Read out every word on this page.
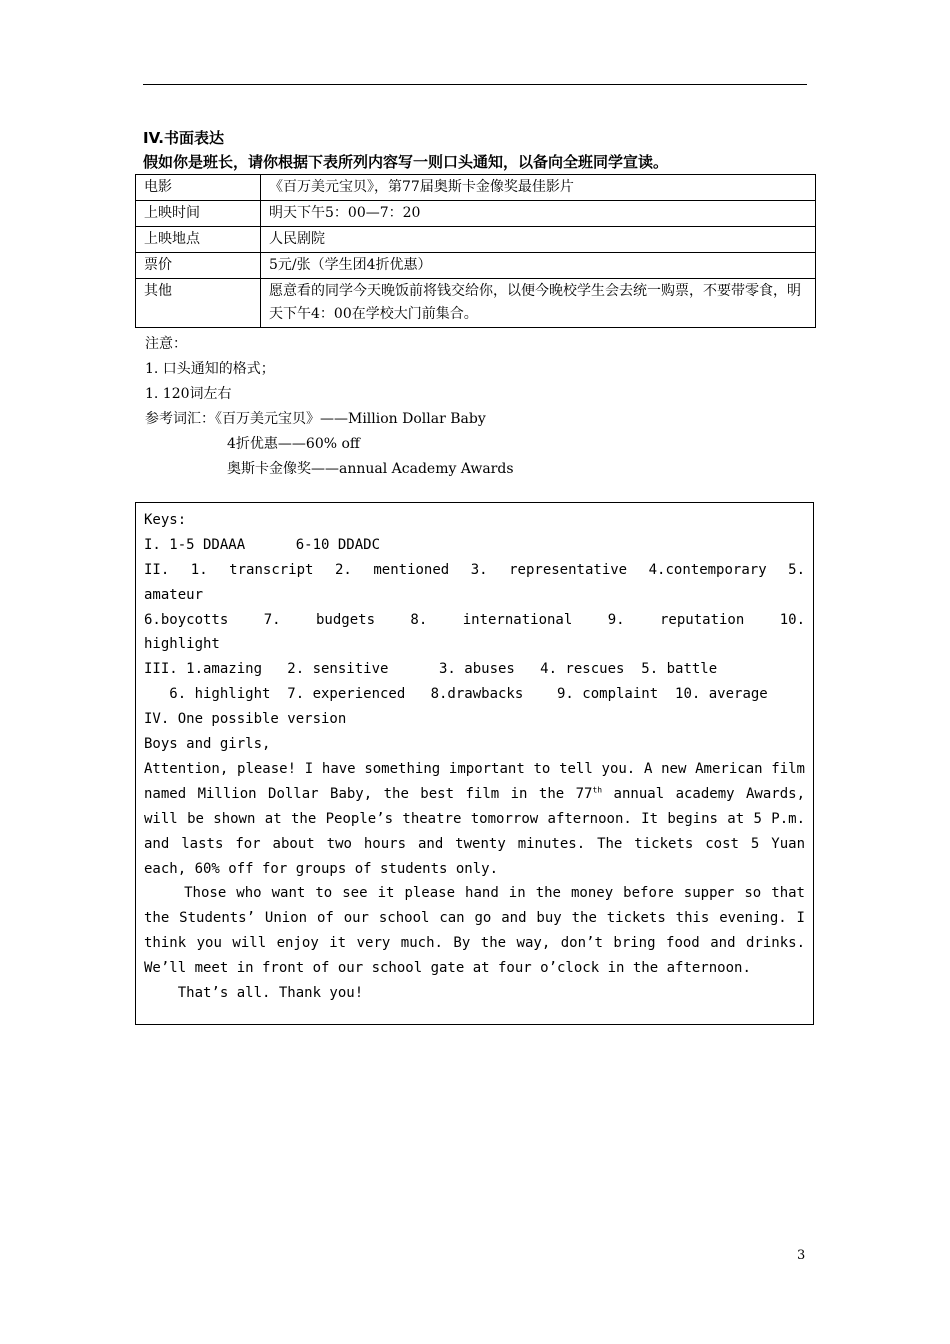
IV.书面表达
假如你是班长，请你根据下表所列内容写一则口头通知，以备向全班同学宣读。
电影	《百万美元宝贝》，第77届奥斯卡金像奖最佳影片
上映时间	明天下午5：00—7：20
上映地点	人民剧院
票价	5元/张（学生团4折优惠）
其他	愿意看的同学今天晚饭前将钱交给你，以便今晚校学生会去统一购票，不要带零食，明天下午4：00在学校大门前集合。
注意：
1. 口头通知的格式；
1. 120词左右
参考词汇：《百万美元宝贝》——Million Dollar Baby
4折优惠——60% off
奥斯卡金像奖——annual Academy Awards
Keys:
I. 1-5 DDAAA      6-10 DDADC
II. 1. transcript 2. mentioned 3. representative 4.contemporary 5.
amateur
6.boycotts 7. budgets 8. international 9. reputation 10.
highlight
III. 1.amazing   2. sensitive      3. abuses   4. rescues  5. battle
6. highlight  7. experienced   8.drawbacks    9. complaint  10. average
IV. One possible version
Boys and girls,
Attention, please! I have something important to tell you. A new American film named Million Dollar Baby, the best film in the 77th annual academy Awards, will be shown at the People’s theatre tomorrow afternoon. It begins at 5 P.m. and lasts for about two hours and twenty minutes. The tickets cost 5 Yuan each, 60% off for groups of students only.
Those who want to see it please hand in the money before supper so that the Students’ Union of our school can go and buy the tickets this evening. I think you will enjoy it very much. By the way, don’t bring food and drinks. We’ll meet in front of our school gate at four o’clock in the afternoon.
That’s all. Thank you!
3
